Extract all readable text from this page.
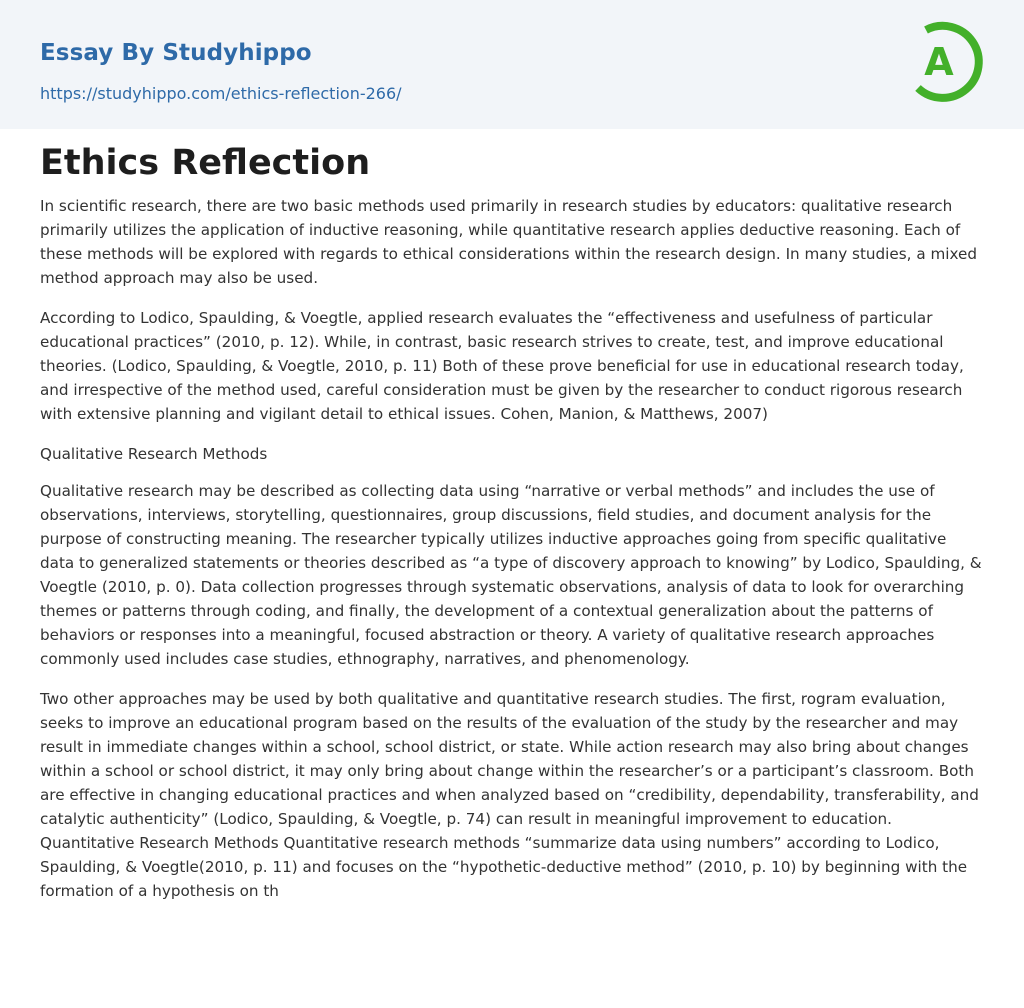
Essay By Studyhippo
https://studyhippo.com/ethics-reflection-266/
A
Ethics Reflection

In scientific research, there are two basic methods used primarily in research studies by educators: qualitative research primarily utilizes the application of inductive reasoning, while quantitative research applies deductive reasoning. Each of these methods will be explored with regards to ethical considerations within the research design. In many studies, a mixed method approach may also be used.

According to Lodico, Spaulding, & Voegtle, applied research evaluates the “effectiveness and usefulness of particular educational practices” (2010, p. 12). While, in contrast, basic research strives to create, test, and improve educational theories. (Lodico, Spaulding, & Voegtle, 2010, p. 11) Both of these prove beneficial for use in educational research today, and irrespective of the method used, careful consideration must be given by the researcher to conduct rigorous research with extensive planning and vigilant detail to ethical issues. Cohen, Manion, & Matthews, 2007)

Qualitative Research Methods

Qualitative research may be described as collecting data using “narrative or verbal methods” and includes the use of observations, interviews, storytelling, questionnaires, group discussions, field studies, and document analysis for the purpose of constructing meaning. The researcher typically utilizes inductive approaches going from specific qualitative data to generalized statements or theories described as “a type of discovery approach to knowing” by Lodico, Spaulding, & Voegtle (2010, p. 0). Data collection progresses through systematic observations, analysis of data to look for overarching themes or patterns through coding, and finally, the development of a contextual generalization about the patterns of behaviors or responses into a meaningful, focused abstraction or theory. A variety of qualitative research approaches commonly used includes case studies, ethnography, narratives, and phenomenology.

Two other approaches may be used by both qualitative and quantitative research studies. The first, rogram evaluation, seeks to improve an educational program based on the results of the evaluation of the study by the researcher and may result in immediate changes within a school, school district, or state. While action research may also bring about changes within a school or school district, it may only bring about change within the researcher’s or a participant’s classroom. Both are effective in changing educational practices and when analyzed based on “credibility, dependability, transferability, and catalytic authenticity” (Lodico, Spaulding, & Voegtle, p. 74) can result in meaningful improvement to education. Quantitative Research Methods Quantitative research methods “summarize data using numbers” according to Lodico, Spaulding, & Voegtle(2010, p. 11) and focuses on the “hypothetic-deductive method” (2010, p. 10) by beginning with the formation of a hypothesis on th
